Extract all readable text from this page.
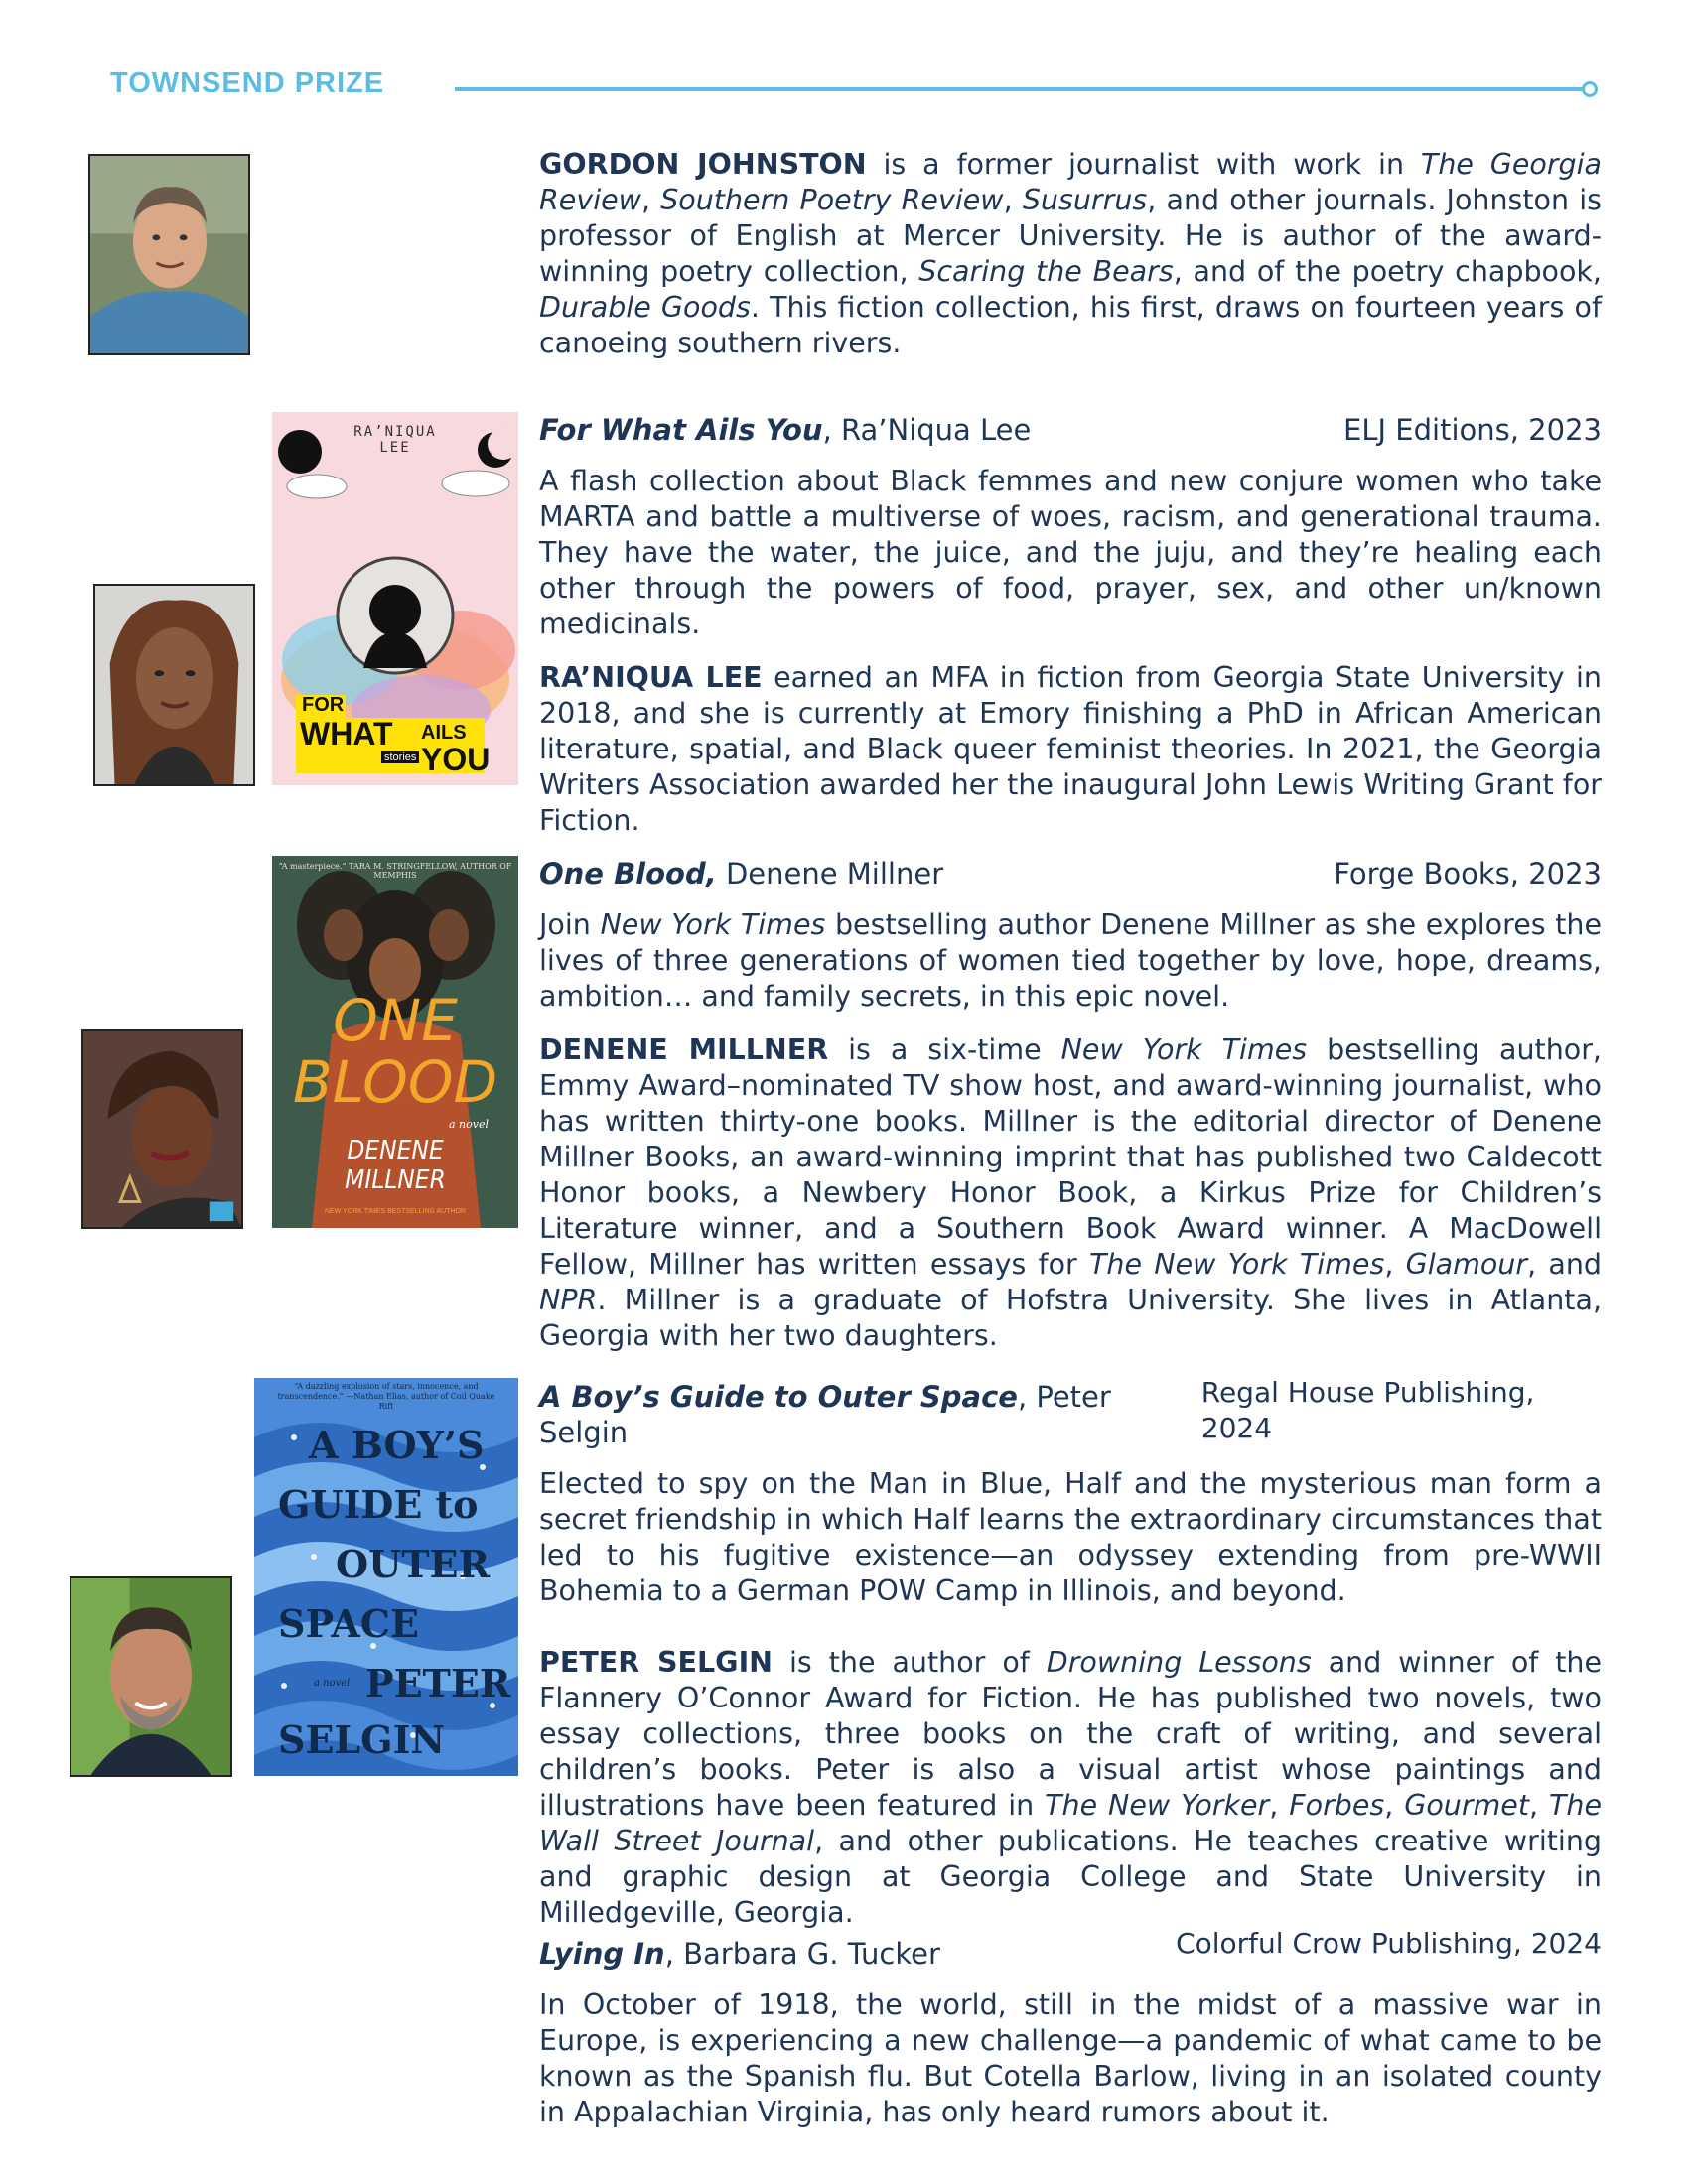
TOWNSEND PRIZE

GORDON JOHNSTON is a former journalist with work in The Georgia Review, Southern Poetry Review, Susurrus, and other journals. Johnston is professor of English at Mercer University. He is author of the award-winning poetry collection, Scaring the Bears, and of the poetry chapbook, Durable Goods. This fiction collection, his first, draws on fourteen years of canoeing southern rivers.

RA’NIQUA
LEE
FOR
WHAT AILS
stories YOU
For What Ails You, Ra’Niqua Lee	ELJ Editions, 2023

A flash collection about Black femmes and new conjure women who take MARTA and battle a multiverse of woes, racism, and generational trauma. They have the water, the juice, and the juju, and they’re healing each other through the powers of food, prayer, sex, and other un/known medicinals.

RA’NIQUA LEE earned an MFA in fiction from Georgia State University in 2018, and she is currently at Emory finishing a PhD in African American literature, spatial, and Black queer feminist theories. In 2021, the Georgia Writers Association awarded her the inaugural John Lewis Writing Grant for Fiction.

“A masterpiece.” TARA M. STRINGFELLOW, AUTHOR OF MEMPHIS
ONE
BLOOD
a novel
DENENE
MILLNER
NEW YORK TIMES BESTSELLING AUTHOR
One Blood, Denene Millner	Forge Books, 2023

Join New York Times bestselling author Denene Millner as she explores the lives of three generations of women tied together by love, hope, dreams, ambition… and family secrets, in this epic novel.

DENENE MILLNER is a six-time New York Times bestselling author, Emmy Award–nominated TV show host, and award-winning journalist, who has written thirty-one books. Millner is the editorial director of Denene Millner Books, an award-winning imprint that has published two Caldecott Honor books, a Newbery Honor Book, a Kirkus Prize for Children’s Literature winner, and a Southern Book Award winner. A MacDowell Fellow, Millner has written essays for The New York Times, Glamour, and NPR. Millner is a graduate of Hofstra University. She lives in Atlanta, Georgia with her two daughters.

“A dazzling explosion of stars, innocence, and transcendence.” —Nathan Elias, author of Coil Quake Rift
A BOY’S
GUIDE to
OUTER
SPACE
PETER
a novel
SELGIN
A Boy’s Guide to Outer Space, Peter Selgin
Regal House Publishing, 2024

Elected to spy on the Man in Blue, Half and the mysterious man form a secret friendship in which Half learns the extraordinary circumstances that led to his fugitive existence—an odyssey extending from pre-WWII Bohemia to a German POW Camp in Illinois, and beyond.

PETER SELGIN is the author of Drowning Lessons and winner of the Flannery O’Connor Award for Fiction. He has published two novels, two essay collections, three books on the craft of writing, and several children’s books. Peter is also a visual artist whose paintings and illustrations have been featured in The New Yorker, Forbes, Gourmet, The Wall Street Journal, and other publications. He teaches creative writing and graphic design at Georgia College and State University in Milledgeville, Georgia.

Lying In, Barbara G. Tucker	Colorful Crow Publishing, 2024

In October of 1918, the world, still in the midst of a massive war in Europe, is experiencing a new challenge—a pandemic of what came to be known as the Spanish flu. But Cotella Barlow, living in an isolated county in Appalachian Virginia, has only heard rumors about it.
